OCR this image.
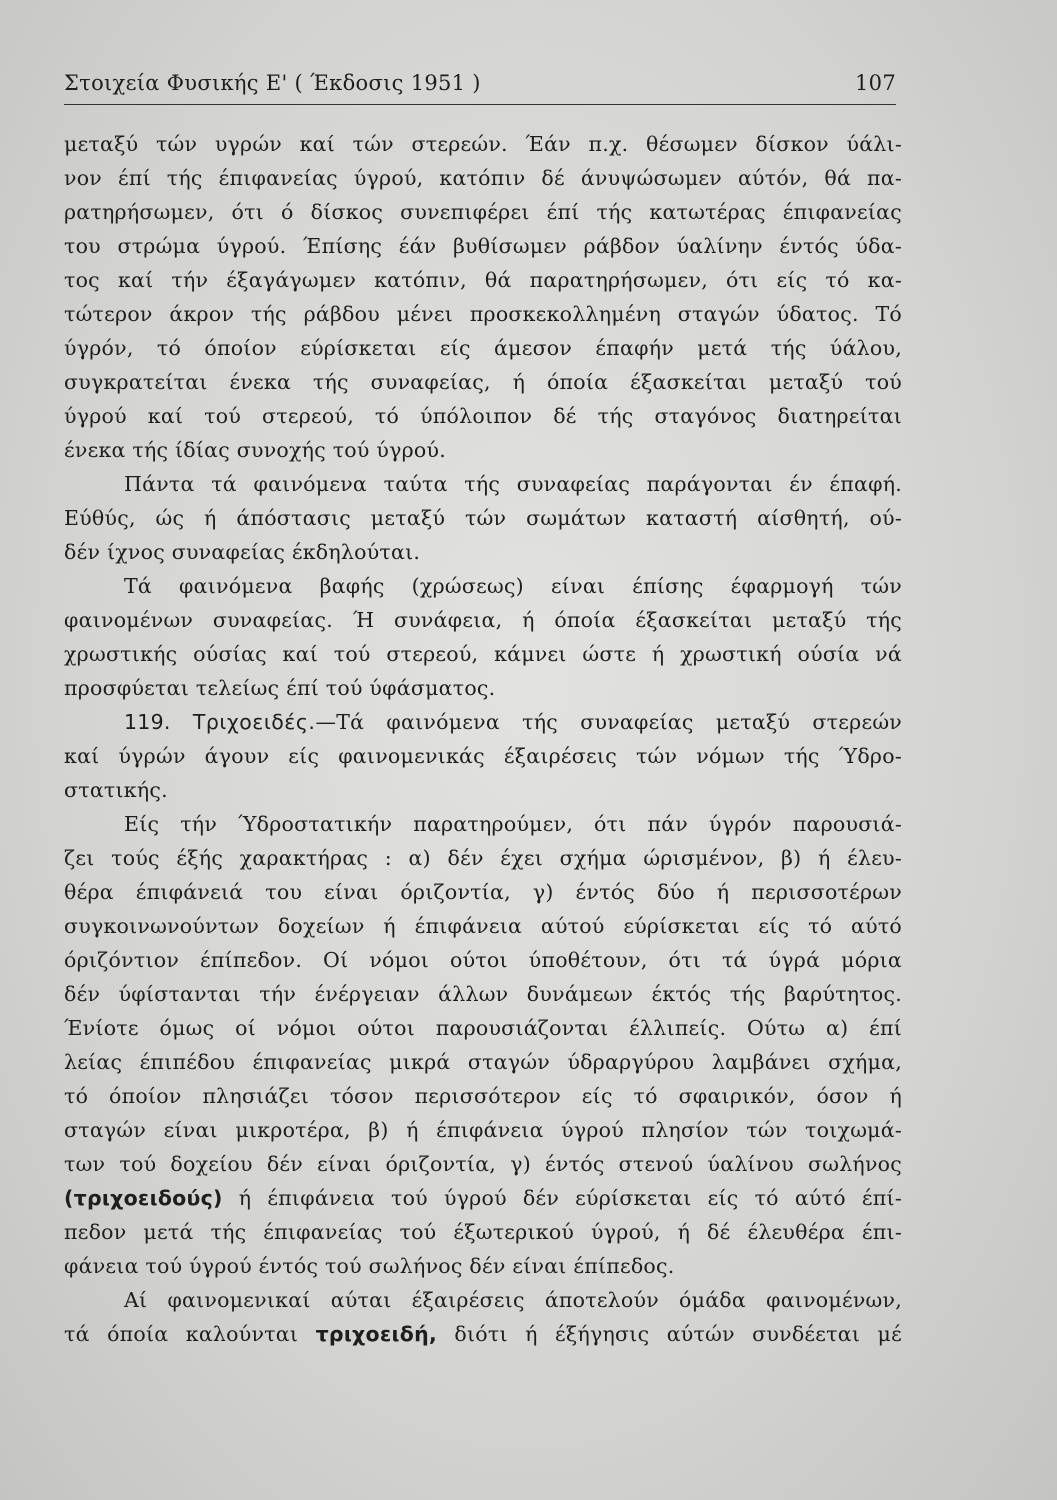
Στοιχεία Φυσικής Ε' ( Έκδοσις 1951 )	107
μεταξύ τών υγρών καί τών στερεών. Έάν π.χ. θέσωμεν δίσκον ύάλι-
νον έπί τής έπιφανείας ύγρού, κατόπιν δέ άνυψώσωμεν αύτόν, θά πα-
ρατηρήσωμεν, ότι ό δίσκος συνεπιφέρει έπί τής κατωτέρας έπιφανείας
του στρώμα ύγρού. Έπίσης έάν βυθίσωμεν ράβδον ύαλίνην έντός ύδα-
τος καί τήν έξαγάγωμεν κατόπιν, θά παρατηρήσωμεν, ότι είς τό κα-
τώτερον άκρον τής ράβδου μένει προσκεκολλημένη σταγών ύδατος. Τό
ύγρόν, τό όποίον εύρίσκεται είς άμεσον έπαφήν μετά τής ύάλου,
συγκρατείται ένεκα τής συναφείας, ή όποία έξασκείται μεταξύ τού
ύγρού καί τού στερεού, τό ύπόλοιπον δέ τής σταγόνος διατηρείται
ένεκα τής ίδίας συνοχής τού ύγρού.
Πάντα τά φαινόμενα ταύτα τής συναφείας παράγονται έν έπαφή.
Εύθύς, ώς ή άπόστασις μεταξύ τών σωμάτων καταστή αίσθητή, ού-
δέν ίχνος συναφείας έκδηλούται.
Τά φαινόμενα βαφής (χρώσεως) είναι έπίσης έφαρμογή τών
φαινομένων συναφείας. Ή συνάφεια, ή όποία έξασκείται μεταξύ τής
χρωστικής ούσίας καί τού στερεού, κάμνει ώστε ή χρωστική ούσία νά
προσφύεται τελείως έπί τού ύφάσματος.
119. Τριχοειδές.—Τά φαινόμενα τής συναφείας μεταξύ στερεών
καί ύγρών άγουν είς φαινομενικάς έξαιρέσεις τών νόμων τής Ύδρο-
στατικής.
Είς τήν Ύδροστατικήν παρατηρούμεν, ότι πάν ύγρόν παρουσιά-
ζει τούς έξής χαρακτήρας : α) δέν έχει σχήμα ώρισμένον, β) ή έλευ-
θέρα έπιφάνειά του είναι όριζοντία, γ) έντός δύο ή περισσοτέρων
συγκοινωνούντων δοχείων ή έπιφάνεια αύτού εύρίσκεται είς τό αύτό
όριζόντιον έπίπεδον. Οί νόμοι ούτοι ύποθέτουν, ότι τά ύγρά μόρια
δέν ύφίστανται τήν ένέργειαν άλλων δυνάμεων έκτός τής βαρύτητος.
Ένίοτε όμως οί νόμοι ούτοι παρουσιάζονται έλλιπείς. Ούτω α) έπί
λείας έπιπέδου έπιφανείας μικρά σταγών ύδραργύρου λαμβάνει σχήμα,
τό όποίον πλησιάζει τόσον περισσότερον είς τό σφαιρικόν, όσον ή
σταγών είναι μικροτέρα, β) ή έπιφάνεια ύγρού πλησίον τών τοιχωμά-
των τού δοχείου δέν είναι όριζοντία, γ) έντός στενού ύαλίνου σωλήνος
(τριχοειδούς) ή έπιφάνεια τού ύγρού δέν εύρίσκεται είς τό αύτό έπί-
πεδον μετά τής έπιφανείας τού έξωτερικού ύγρού, ή δέ έλευθέρα έπι-
φάνεια τού ύγρού έντός τού σωλήνος δέν είναι έπίπεδος.
Αί φαινομενικαί αύται έξαιρέσεις άποτελούν όμάδα φαινομένων,
τά όποία καλούνται τριχοειδή, διότι ή έξήγησις αύτών συνδέεται μέ
